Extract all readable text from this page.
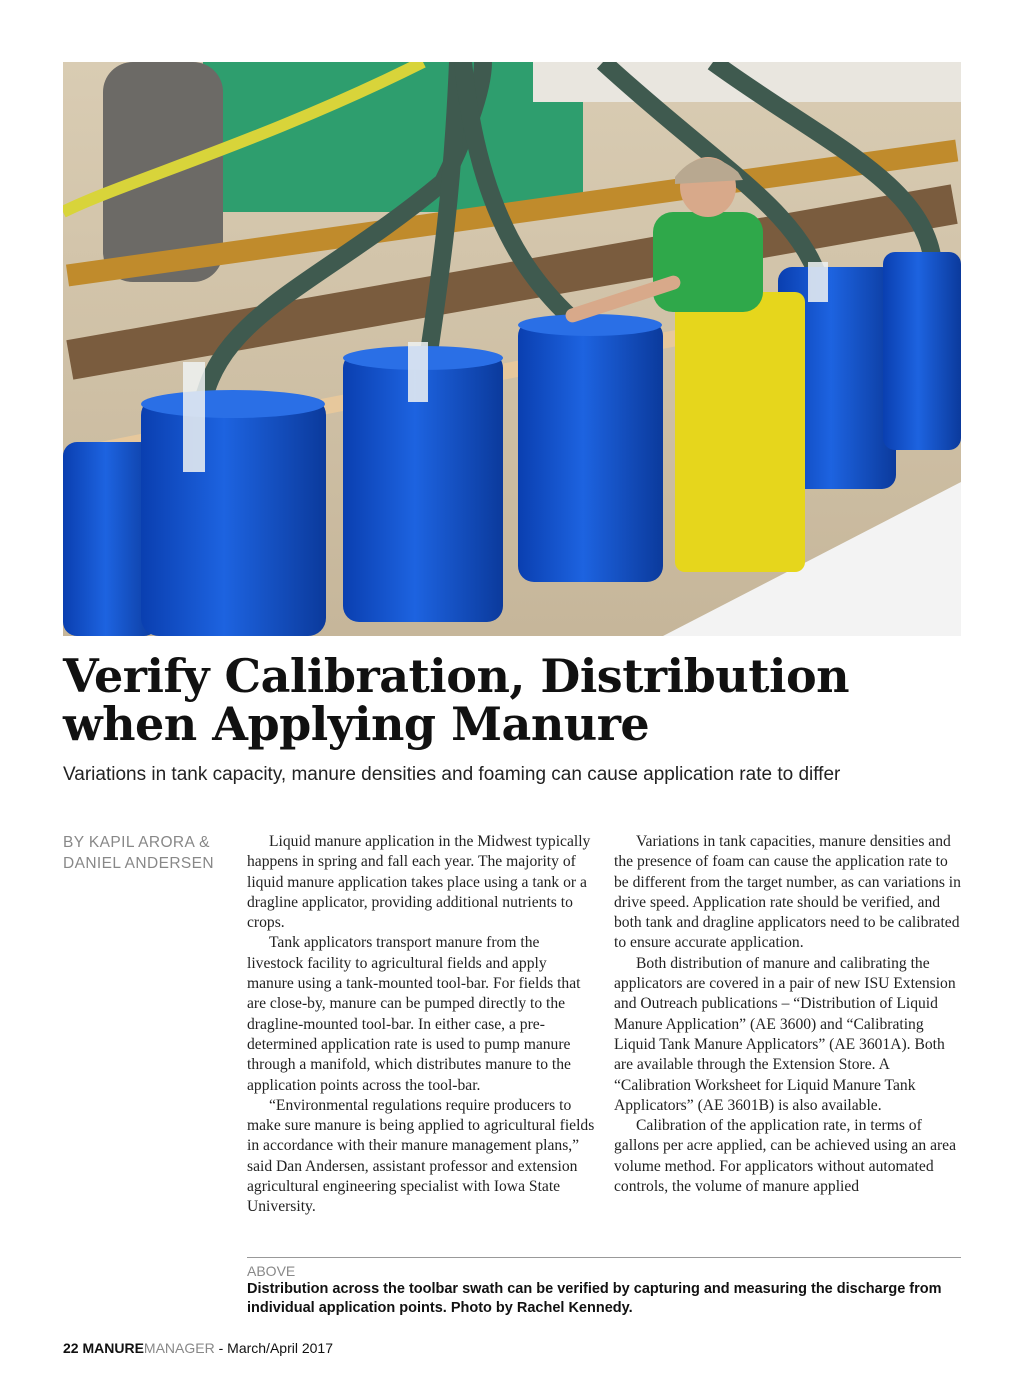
Verify Calibration, Distribution
when Applying Manure
Variations in tank capacity, manure densities and foaming can cause application rate to differ
BY KAPIL ARORA &
DANIEL ANDERSEN

Liquid manure application in the Midwest typically happens in spring and fall each year. The majority of liquid manure application takes place using a tank or a dragline applicator, providing additional nutrients to crops.

Tank applicators transport manure from the livestock facility to agricultural fields and apply manure using a tank-mounted tool-bar. For fields that are close-by, manure can be pumped directly to the dragline-mounted tool-bar. In either case, a pre-determined application rate is used to pump manure through a manifold, which distributes manure to the application points across the tool-bar.

“Environmental regulations require producers to make sure manure is being applied to agricultural fields in accordance with their manure management plans,” said Dan Andersen, assistant professor and extension agricultural engineering specialist with Iowa State University.

Variations in tank capacities, manure densities and the presence of foam can cause the application rate to be different from the target number, as can variations in drive speed. Application rate should be verified, and both tank and dragline applicators need to be calibrated to ensure accurate application.

Both distribution of manure and calibrating the applicators are covered in a pair of new ISU Extension and Outreach publications – “Distribution of Liquid Manure Application” (AE 3600) and “Calibrating Liquid Tank Manure Applicators” (AE 3601A). Both are available through the Extension Store. A “Calibration Worksheet for Liquid Manure Tank Applicators” (AE 3601B) is also available.

Calibration of the application rate, in terms of gallons per acre applied, can be achieved using an area volume method. For applicators without automated controls, the volume of manure applied

ABOVE
Distribution across the toolbar swath can be verified by capturing and measuring the discharge from individual application points. Photo by Rachel Kennedy.
22 MANUREMANAGER - March/April 2017
